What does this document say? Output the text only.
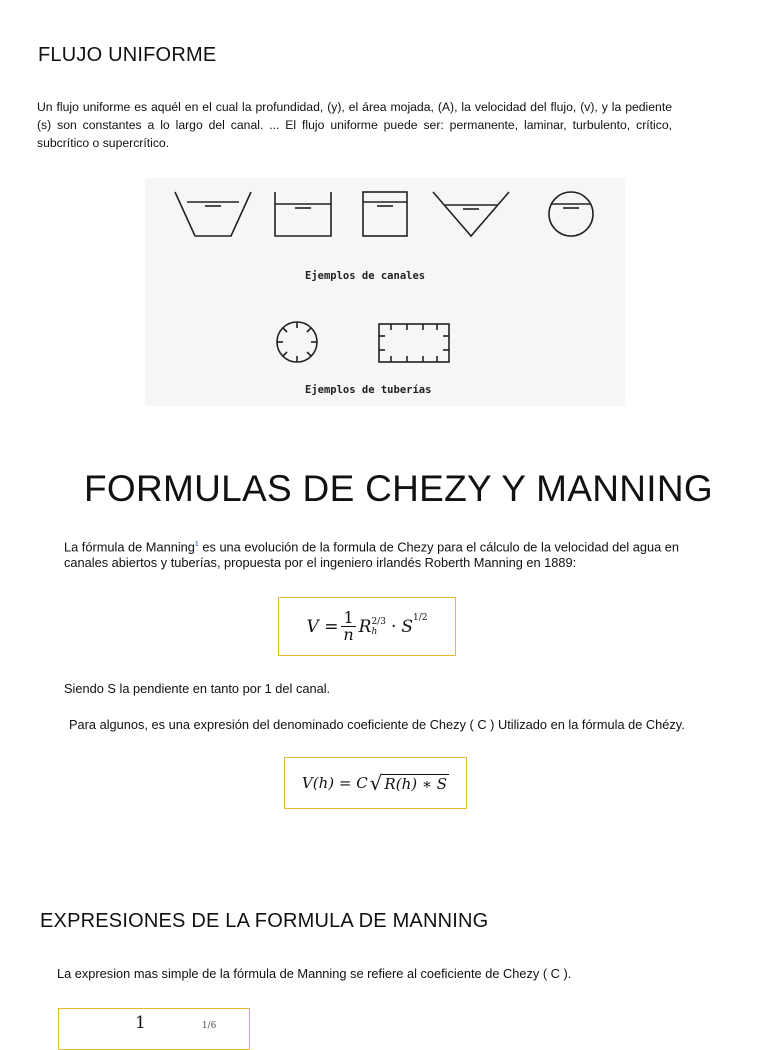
FLUJO UNIFORME
Un flujo uniforme es aquél en el cual la profundidad, (y), el área mojada, (A), la velocidad del flujo, (v), y la pediente (s) son constantes a lo largo del canal. ... El flujo uniforme puede ser: permanente, laminar, turbulento, crítico, subcrítico o supercrítico.
Ejemplos de canales
Ejemplos de tuberías
FORMULAS DE CHEZY Y MANNING
La fórmula de Manning$^1$ es una evolución de la formula de Chezy para el cálculo de la velocidad del agua en canales abiertos y tuberías, propuesta por el ingeniero irlandés Roberth Manning en 1889:
$V = \frac{1}{n}$ R 2/3
h · S 1/2
Siendo S la pendiente en tanto por 1 del canal.
Para algunos, es una expresión del denominado coeficiente de Chezy ( C ) Utilizado en la fórmula de Chézy.
V(h) = C √ R(h) ∗ S
EXPRESIONES DE LA FORMULA DE MANNING
La expresion mas simple de la fórmula de Manning se refiere al coeficiente de Chezy ( C ).
1	1/6
